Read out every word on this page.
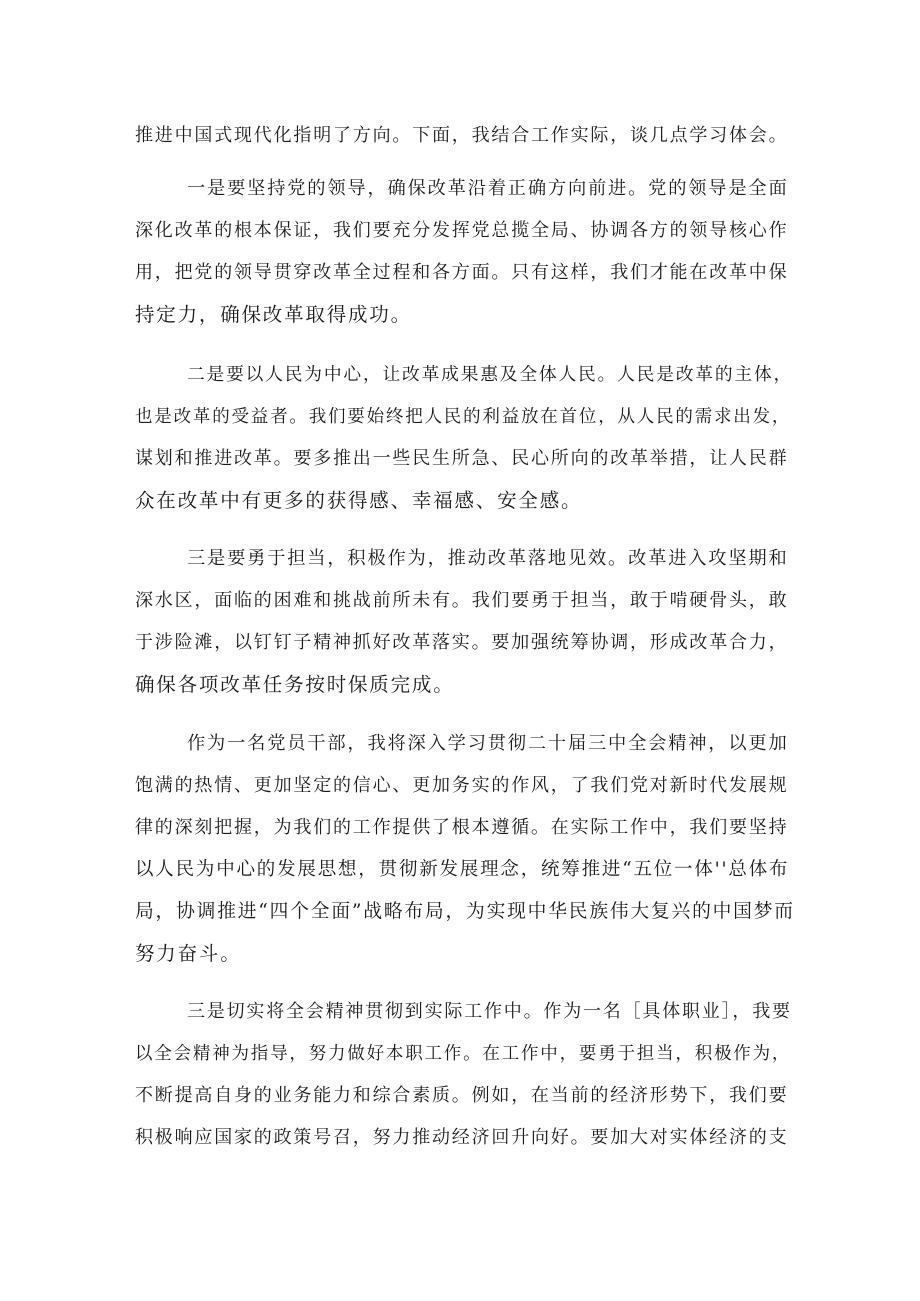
推进中国式现代化指明了方向。下面，我结合工作实际，谈几点学习体会。
一是要坚持党的领导，确保改革沿着正确方向前进。党的领导是全面
深化改革的根本保证，我们要充分发挥党总揽全局、协调各方的领导核心作
用，把党的领导贯穿改革全过程和各方面。只有这样，我们才能在改革中保
持定力，确保改革取得成功。
二是要以人民为中心，让改革成果惠及全体人民。人民是改革的主体，
也是改革的受益者。我们要始终把人民的利益放在首位，从人民的需求出发，
谋划和推进改革。要多推出一些民生所急、民心所向的改革举措，让人民群
众在改革中有更多的获得感、幸福感、安全感。
三是要勇于担当，积极作为，推动改革落地见效。改革进入攻坚期和
深水区，面临的困难和挑战前所未有。我们要勇于担当，敢于啃硬骨头，敢
于涉险滩，以钉钉子精神抓好改革落实。要加强统筹协调，形成改革合力，
确保各项改革任务按时保质完成。
作为一名党员干部，我将深入学习贯彻二十届三中全会精神，以更加
饱满的热情、更加坚定的信心、更加务实的作风，了我们党对新时代发展规
律的深刻把握，为我们的工作提供了根本遵循。在实际工作中，我们要坚持
以人民为中心的发展思想，贯彻新发展理念，统筹推进“五位一体''总体布
局，协调推进“四个全面”战略布局，为实现中华民族伟大复兴的中国梦而
努力奋斗。
三是切实将全会精神贯彻到实际工作中。作为一名［具体职业］，我要
以全会精神为指导，努力做好本职工作。在工作中，要勇于担当，积极作为，
不断提高自身的业务能力和综合素质。例如，在当前的经济形势下，我们要
积极响应国家的政策号召，努力推动经济回升向好。要加大对实体经济的支
